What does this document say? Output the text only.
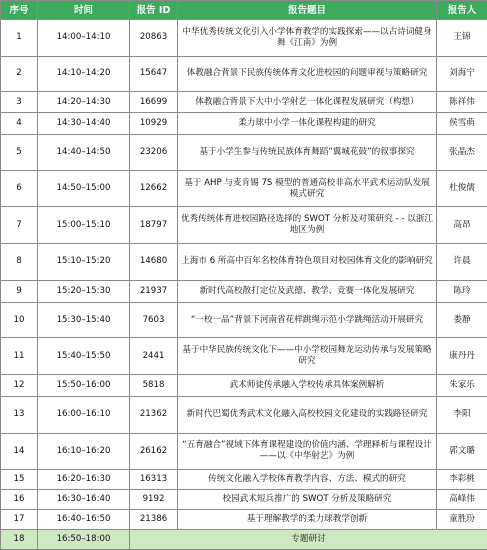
序号	时间	报告 ID	报告题目	报告人
1	14:00–14:10	20863	中华优秀传统文化引入小学体育教学的实践探索——以古诗词健身舞《江南》为例	王锦
2	14:10–14:20	15647	体教融合背景下民族传统体育文化进校园的问题审视与策略研究	刘海宁
3	14:20–14:30	16699	体教融合背景下大中小学射艺一体化课程发展研究（构想）	陈祥伟
4	14:30–14:40	10929	柔力球中小学一体化课程构建的研究	侯雪萌
5	14:40–14:50	23206	基于小学生参与传统民族体育舞蹈“翼城花鼓”的叙事探究	张晶杰
6	14:50–15:00	12662	基于 AHP 与麦肯锡 7S 模型的普通高校非高水平武术运动队发展模式研究	杜俊儒
7	15:00–15:10	18797	优秀传统体育进校园路径选择的 SWOT 分析及对策研究 - - 以浙江地区为例	高昂
8	15:10–15:20	14680	上海市 6 所高中百年名校体育特色项目对校园体育文化的影响研究	许晨
9	15:20–15:30	21937	新时代高校散打定位及武德、教学、竞赛一体化发展研究	陈玲
10	15:30–15:40	7603	“一校一品”背景下河南省花样跳绳示范小学跳绳活动开展研究	娄静
11	15:40–15:50	2441	基于中华民族传统文化下——中小学校园舞龙运动传承与发展策略研究	康丹丹
12	15:50–16:00	5818	武术师徒传承融入学校传承具体案例解析	朱家乐
13	16:00–16:10	21362	新时代巴蜀优秀武术文化融入高校校园文化建设的实践路径研究	李阳
14	16:10–16:20	26162	“五育融合”视域下体育课程建设的价值内涵、学理释析与课程设计——以《中华射艺》为例	郭文璐
15	16:20–16:30	16313	传统文化融入学校体育教学内容、方法、模式的研究	李彩桃
16	16:30–16:40	9192	校园武术短兵推广的 SWOT 分析及策略研究	高峰伟
17	16:40–16:50	21386	基于理解教学的柔力球教学创新	童胜玢
18	16:50–18:00	专题研讨		
